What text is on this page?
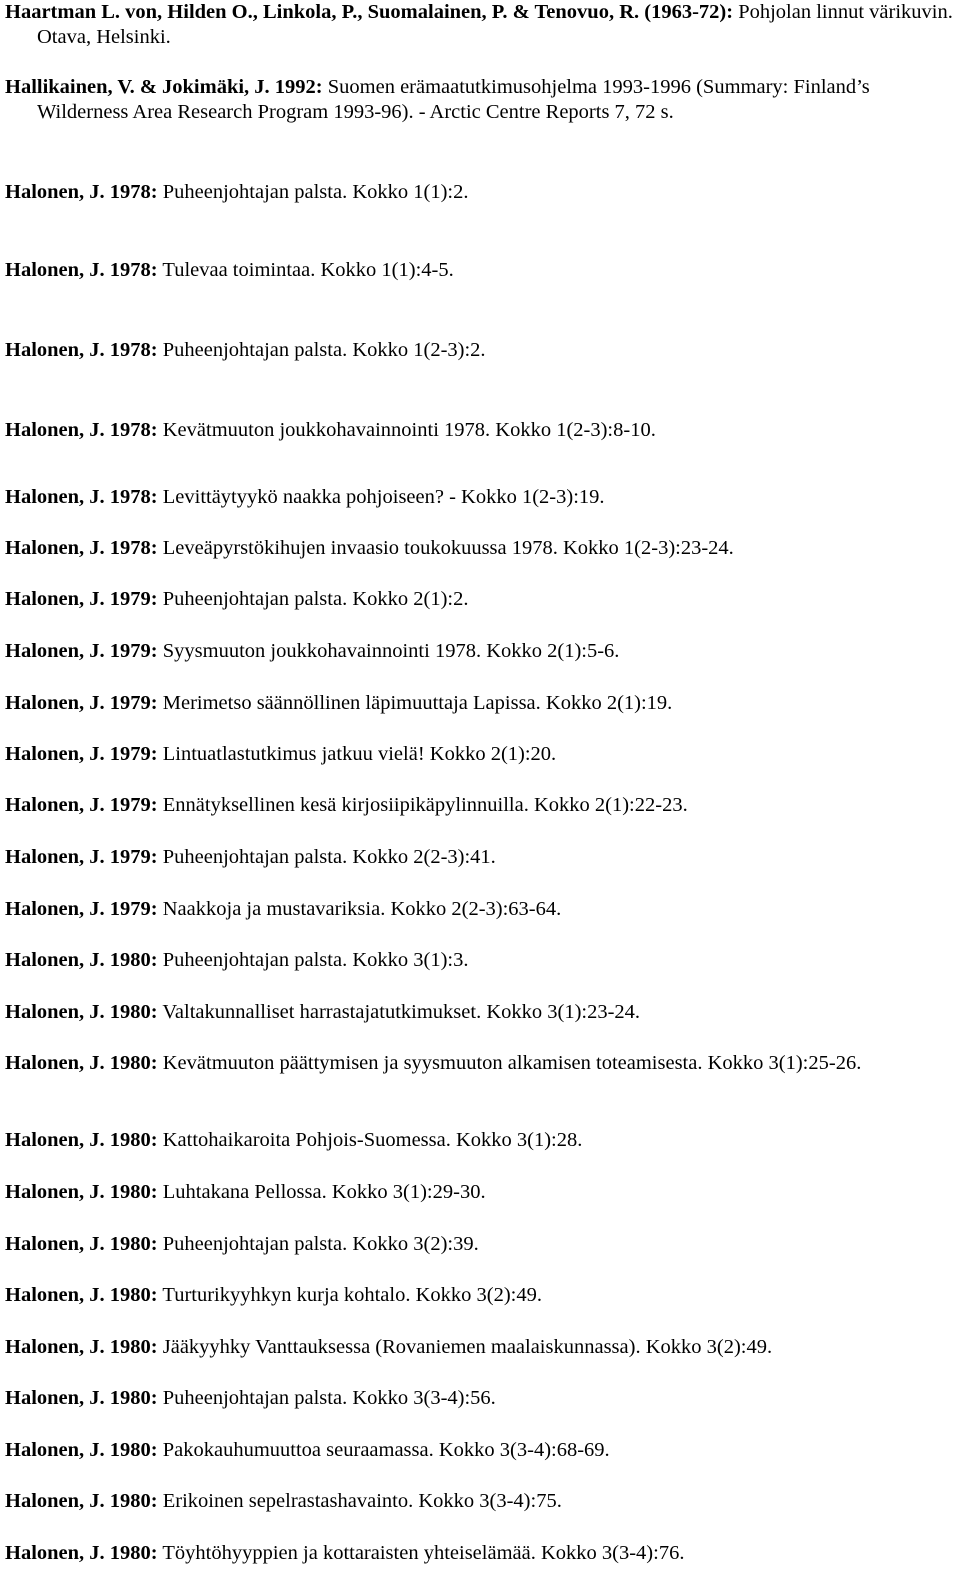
Haartman L. von, Hilden O., Linkola, P., Suomalainen, P. & Tenovuo, R. (1963-72): Pohjolan linnut värikuvin. Otava, Helsinki.
Hallikainen, V. & Jokimäki, J. 1992: Suomen erämaatutkimusohjelma 1993-1996 (Summary: Finland’s Wilderness Area Research Program 1993-96). - Arctic Centre Reports 7, 72 s.
Halonen, J. 1978: Puheenjohtajan palsta. Kokko 1(1):2.
Halonen, J. 1978: Tulevaa toimintaa. Kokko 1(1):4-5.
Halonen, J. 1978: Puheenjohtajan palsta. Kokko 1(2-3):2.
Halonen, J. 1978: Kevätmuuton joukkohavainnointi 1978. Kokko 1(2-3):8-10.
Halonen, J. 1978: Levittäytyykö naakka pohjoiseen? - Kokko 1(2-3):19.
Halonen, J. 1978: Leveäpyrstökihujen invaasio toukokuussa 1978. Kokko 1(2-3):23-24.
Halonen, J. 1979: Puheenjohtajan palsta. Kokko 2(1):2.
Halonen, J. 1979: Syysmuuton joukkohavainnointi 1978. Kokko 2(1):5-6.
Halonen, J. 1979: Merimetso säännöllinen läpimuuttaja Lapissa. Kokko 2(1):19.
Halonen, J. 1979: Lintuatlastutkimus jatkuu vielä! Kokko 2(1):20.
Halonen, J. 1979: Ennätyksellinen kesä kirjosiipikäpylinnuilla. Kokko 2(1):22-23.
Halonen, J. 1979: Puheenjohtajan palsta. Kokko 2(2-3):41.
Halonen, J. 1979: Naakkoja ja mustavariksia. Kokko 2(2-3):63-64.
Halonen, J. 1980: Puheenjohtajan palsta. Kokko 3(1):3.
Halonen, J. 1980: Valtakunnalliset harrastajatutkimukset. Kokko 3(1):23-24.
Halonen, J. 1980: Kevätmuuton päättymisen ja syysmuuton alkamisen toteamisesta. Kokko 3(1):25-26.
Halonen, J. 1980: Kattohaikaroita Pohjois-Suomessa. Kokko 3(1):28.
Halonen, J. 1980: Luhtakana Pellossa. Kokko 3(1):29-30.
Halonen, J. 1980: Puheenjohtajan palsta. Kokko 3(2):39.
Halonen, J. 1980: Turturikyyhkyn kurja kohtalo. Kokko 3(2):49.
Halonen, J. 1980: Jääkyyhky Vanttauksessa (Rovaniemen maalaiskunnassa). Kokko 3(2):49.
Halonen, J. 1980: Puheenjohtajan palsta. Kokko 3(3-4):56.
Halonen, J. 1980: Pakokauhumuuttoa seuraamassa. Kokko 3(3-4):68-69.
Halonen, J. 1980: Erikoinen sepelrastashavainto. Kokko 3(3-4):75.
Halonen, J. 1980: Töyhtöhyyppien ja kottaraisten yhteiselämää. Kokko 3(3-4):76.
